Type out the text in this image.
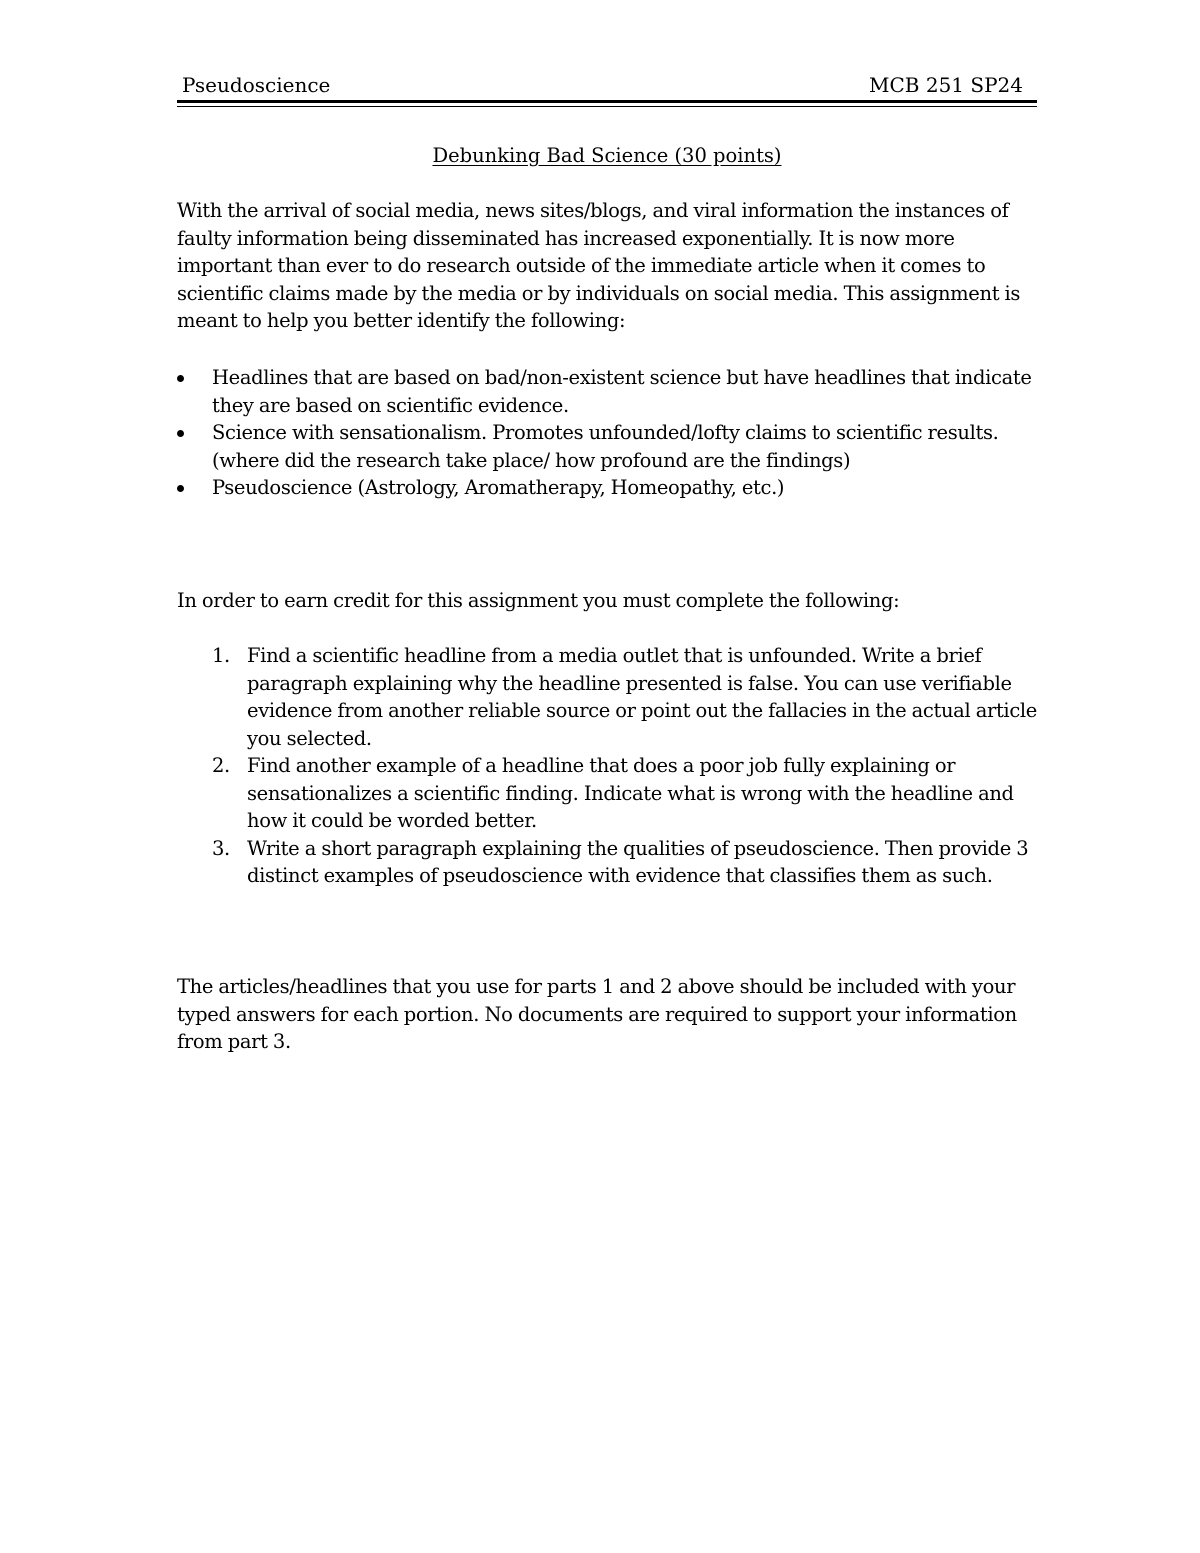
Pseudoscience	MCB 251 SP24
Debunking Bad Science (30 points)

With the arrival of social media, news sites/blogs, and viral information the instances of faulty information being disseminated has increased exponentially. It is now more important than ever to do research outside of the immediate article when it comes to scientific claims made by the media or by individuals on social media. This assignment is meant to help you better identify the following:

Headlines that are based on bad/non-existent science but have headlines that indicate they are based on scientific evidence.
Science with sensationalism. Promotes unfounded/lofty claims to scientific results. (where did the research take place/ how profound are the findings)
Pseudoscience (Astrology, Aromatherapy, Homeopathy, etc.)

In order to earn credit for this assignment you must complete the following:

1. Find a scientific headline from a media outlet that is unfounded. Write a brief paragraph explaining why the headline presented is false. You can use verifiable evidence from another reliable source or point out the fallacies in the actual article you selected.
2. Find another example of a headline that does a poor job fully explaining or sensationalizes a scientific finding. Indicate what is wrong with the headline and how it could be worded better.
3. Write a short paragraph explaining the qualities of pseudoscience. Then provide 3 distinct examples of pseudoscience with evidence that classifies them as such.

The articles/headlines that you use for parts 1 and 2 above should be included with your typed answers for each portion. No documents are required to support your information from part 3.
